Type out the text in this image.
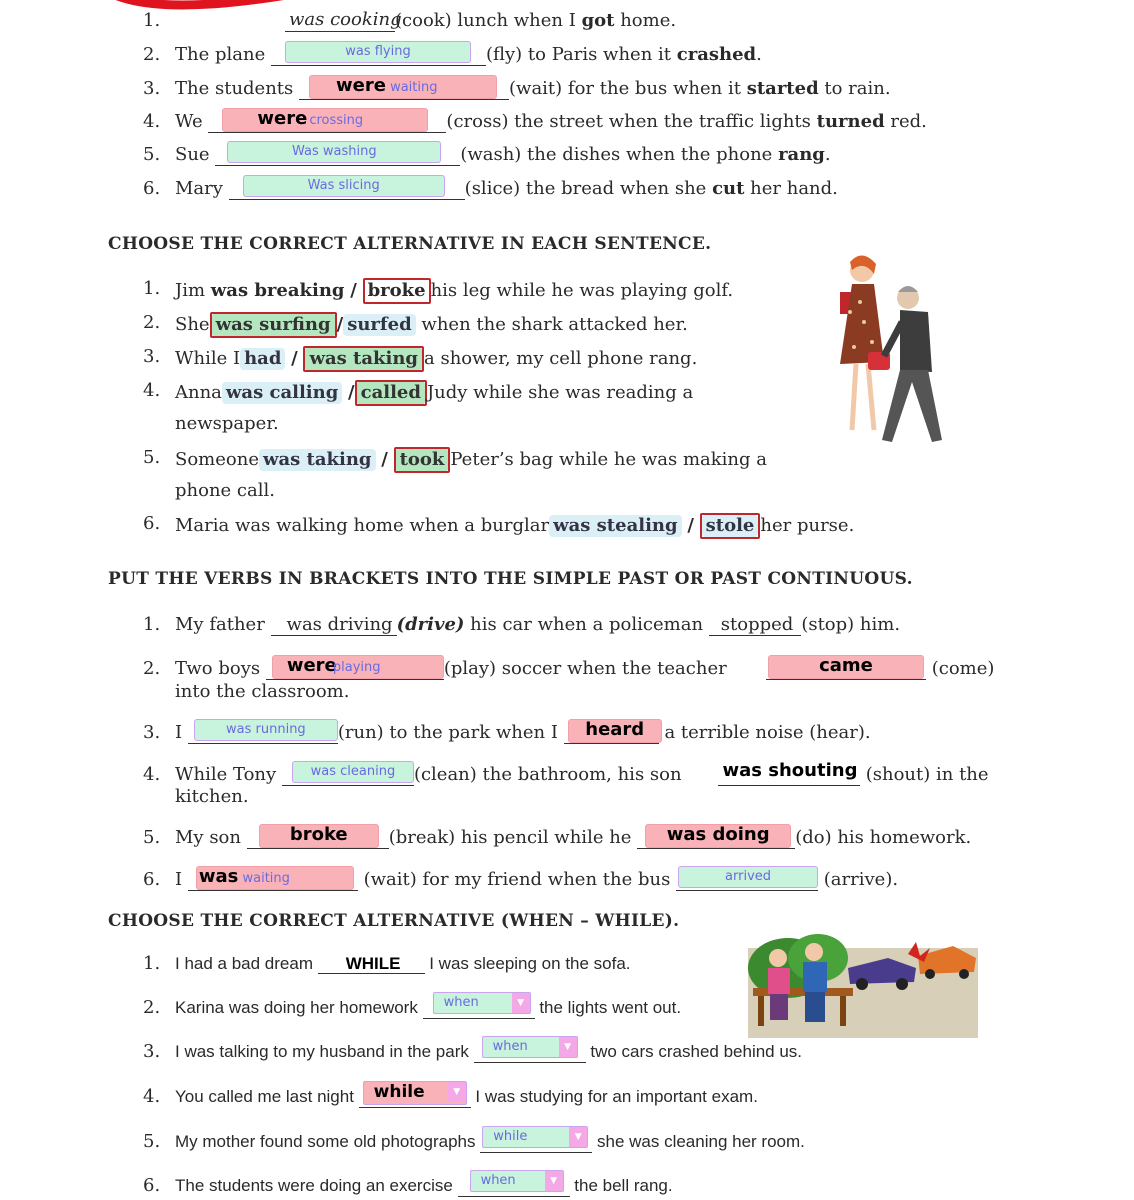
1.	was cooking
(cook) lunch when I got home.
2. The plane	was flying	(fly) to Paris when it crashed.
3. The students	were waiting	(wait) for the bus when it started to rain.
4. We	were crossing	(cross) the street when the traffic lights turned red.
5. Sue	Was washing	(wash) the dishes when the phone rang.
6. Mary	Was slicing	(slice) the bread when she cut her hand.
CHOOSE THE CORRECT ALTERNATIVE IN EACH SENTENCE.
1. Jim was breaking / broke his leg while he was playing golf.
2. She was surfing / surfed when the shark attacked her.
3. While I had / was taking a shower, my cell phone rang.
4. Anna was calling / called Judy while she was reading a
newspaper.
5. Someone was taking / took Peter’s bag while he was making a
phone call.
6. Maria was walking home when a burglar was stealing / stole her purse.
PUT THE VERBS IN BRACKETS INTO THE SIMPLE PAST OR PAST CONTINUOUS.
1. My father was driving (drive) his car when a policeman stopped (stop) him.
2. Two boys	were playing	(play) soccer when the teacher	came	(come)
into the classroom.
3. I	was running	(run) to the park when I	heard	a terrible noise (hear).
4. While Tony	was cleaning	(clean) the bathroom, his son was shouting (shout) in the
kitchen.
5. My son	broke	(break) his pencil while he	was doing	(do) his homework.
6. I was waiting	(wait) for my friend when the bus	arrived	(arrive).
CHOOSE THE CORRECT ALTERNATIVE (WHEN – WHILE).
1. I had a bad dream WHILE I was sleeping on the sofa.
2. Karina was doing her homework	when	▼ the lights went out.
3. I was talking to my husband in the park	when	▼	two cars crashed behind us.
4. You called me last night	while	▼ I was studying for an important exam.
5. My mother found some old photographs	while	▼ she was cleaning her room.
6. The students were doing an exercise	when	▼	the bell rang.
